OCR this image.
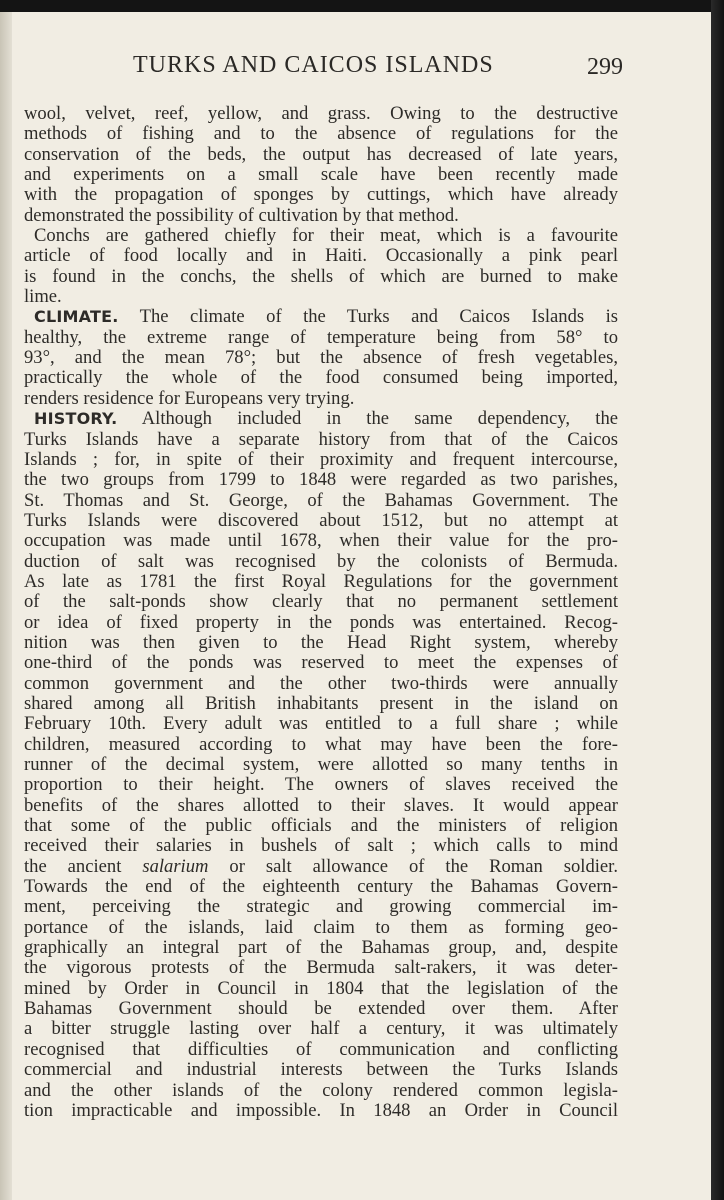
TURKS AND CAICOS ISLANDS	299
wool, velvet, reef, yellow, and grass. Owing to the destructive
methods of fishing and to the absence of regulations for the
conservation of the beds, the output has decreased of late years,
and experiments on a small scale have been recently made
with the propagation of sponges by cuttings, which have already
demonstrated the possibility of cultivation by that method.
Conchs are gathered chiefly for their meat, which is a favourite
article of food locally and in Haiti. Occasionally a pink pearl
is found in the conchs, the shells of which are burned to make
lime.
CLIMATE. The climate of the Turks and Caicos Islands is
healthy, the extreme range of temperature being from 58° to
93°, and the mean 78°; but the absence of fresh vegetables,
practically the whole of the food consumed being imported,
renders residence for Europeans very trying.
HISTORY. Although included in the same dependency, the
Turks Islands have a separate history from that of the Caicos
Islands ; for, in spite of their proximity and frequent intercourse,
the two groups from 1799 to 1848 were regarded as two parishes,
St. Thomas and St. George, of the Bahamas Government. The
Turks Islands were discovered about 1512, but no attempt at
occupation was made until 1678, when their value for the pro-
duction of salt was recognised by the colonists of Bermuda.
As late as 1781 the first Royal Regulations for the government
of the salt-ponds show clearly that no permanent settlement
or idea of fixed property in the ponds was entertained. Recog-
nition was then given to the Head Right system, whereby
one-third of the ponds was reserved to meet the expenses of
common government and the other two-thirds were annually
shared among all British inhabitants present in the island on
February 10th. Every adult was entitled to a full share ; while
children, measured according to what may have been the fore-
runner of the decimal system, were allotted so many tenths in
proportion to their height. The owners of slaves received the
benefits of the shares allotted to their slaves. It would appear
that some of the public officials and the ministers of religion
received their salaries in bushels of salt ; which calls to mind
the ancient salarium or salt allowance of the Roman soldier.
Towards the end of the eighteenth century the Bahamas Govern-
ment, perceiving the strategic and growing commercial im-
portance of the islands, laid claim to them as forming geo-
graphically an integral part of the Bahamas group, and, despite
the vigorous protests of the Bermuda salt-rakers, it was deter-
mined by Order in Council in 1804 that the legislation of the
Bahamas Government should be extended over them. After
a bitter struggle lasting over half a century, it was ultimately
recognised that difficulties of communication and conflicting
commercial and industrial interests between the Turks Islands
and the other islands of the colony rendered common legisla-
tion impracticable and impossible. In 1848 an Order in Council
